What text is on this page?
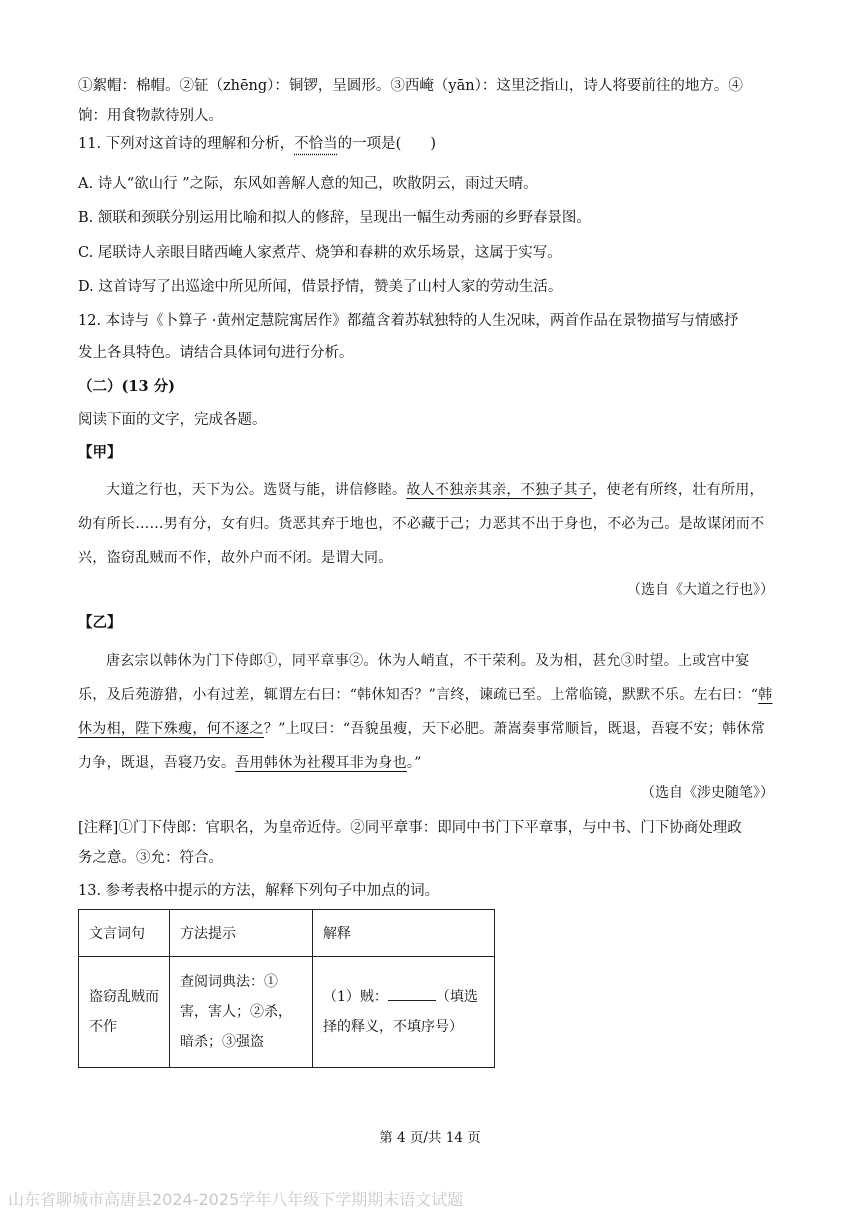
①絮帽：棉帽。②钲（zhēng）：铜锣，呈圆形。③西崦（yān）：这里泛指山，诗人将要前往的地方。④
饷：用食物款待别人。
11. 下列对这首诗的理解和分析，不恰当的一项是(　　)
A. 诗人“欲山行 ”之际，东风如善解人意的知己，吹散阴云，雨过天晴。
B. 颔联和颈联分别运用比喻和拟人的修辞，呈现出一幅生动秀丽的乡野春景图。
C. 尾联诗人亲眼目睹西崦人家煮芹、烧笋和春耕的欢乐场景，这属于实写。
D. 这首诗写了出巡途中所见所闻，借景抒情，赞美了山村人家的劳动生活。
12. 本诗与《卜算子 ·黄州定慧院寓居作》都蕴含着苏轼独特的人生况味，两首作品在景物描写与情感抒
发上各具特色。请结合具体词句进行分析。
（二）(13 分)
阅读下面的文字，完成各题。
【甲】

大道之行也，天下为公。选贤与能，讲信修睦。故人不独亲其亲，不独子其子，使老有所终，壮有所用，幼有所长……男有分，女有归。货恶其弃于地也，不必藏于己；力恶其不出于身也，不必为己。是故谋闭而不兴，盗窃乱贼而不作，故外户而不闭。是谓大同。

（选自《大道之行也》）
【乙】

唐玄宗以韩休为门下侍郎①，同平章事②。休为人峭直，不干荣利。及为相，甚允③时望。上或宫中宴乐，及后苑游猎，小有过差，辄谓左右曰：“韩休知否？”言终，谏疏已至。上常临镜，默默不乐。左右曰：“韩休为相，陛下殊瘦，何不逐之？”上叹曰：“吾貌虽瘦，天下必肥。萧嵩奏事常顺旨，既退，吾寝不安；韩休常力争，既退，吾寝乃安。吾用韩休为社稷耳非为身也。”

（选自《涉史随笔》）
[注释]①门下侍郎：官职名，为皇帝近侍。②同平章事：即同中书门下平章事，与中书、门下协商处理政
务之意。③允：符合。
13. 参考表格中提示的方法，解释下列句子中加点的词。
文言词句	方法提示	解释
盗窃乱贼而不作	查阅词典法：①害，害人；②杀，暗杀；③强盗	（1）贼： （填选择的释义，不填序号）
第 4 页/共 14 页
山东省聊城市高唐县2024-2025学年八年级下学期期末语文试题
